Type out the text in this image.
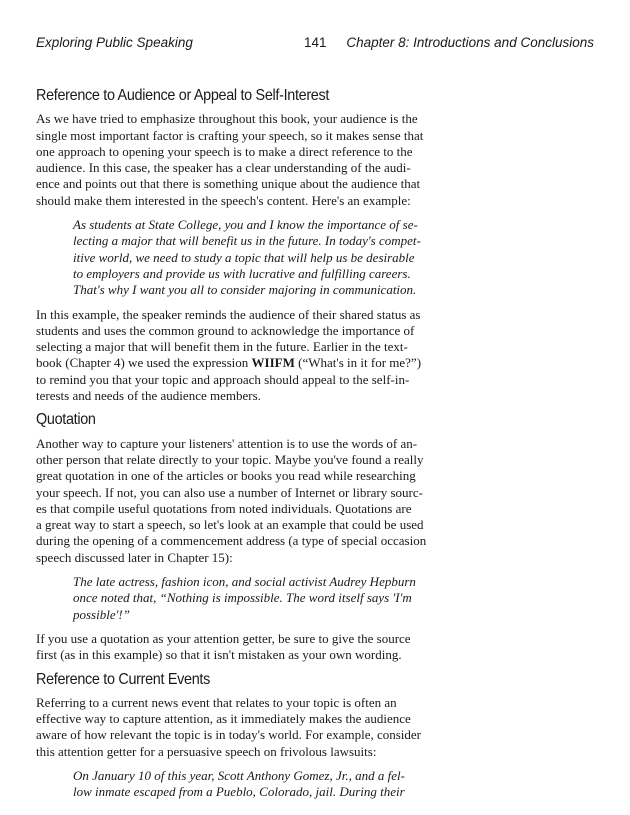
Exploring Public Speaking	141 Chapter 8: Introductions and Conclusions
Reference to Audience or Appeal to Self-Interest
As we have tried to emphasize throughout this book, your audience is the
single most important factor is crafting your speech, so it makes sense that
one approach to opening your speech is to make a direct reference to the
audience. In this case, the speaker has a clear understanding of the audi-
ence and points out that there is something unique about the audience that
should make them interested in the speech's content. Here's an example:
As students at State College, you and I know the importance of se-
lecting a major that will benefit us in the future. In today's compet-
itive world, we need to study a topic that will help us be desirable
to employers and provide us with lucrative and fulfilling careers.
That's why I want you all to consider majoring in communication.
In this example, the speaker reminds the audience of their shared status as
students and uses the common ground to acknowledge the importance of
selecting a major that will benefit them in the future. Earlier in the text-
book (Chapter 4) we used the expression WIIFM (“What's in it for me?”)
to remind you that your topic and approach should appeal to the self-in-
terests and needs of the audience members.
Quotation
Another way to capture your listeners' attention is to use the words of an-
other person that relate directly to your topic. Maybe you've found a really
great quotation in one of the articles or books you read while researching
your speech. If not, you can also use a number of Internet or library sourc-
es that compile useful quotations from noted individuals. Quotations are
a great way to start a speech, so let's look at an example that could be used
during the opening of a commencement address (a type of special occasion
speech discussed later in Chapter 15):
The late actress, fashion icon, and social activist Audrey Hepburn
once noted that, “Nothing is impossible. The word itself says 'I'm
possible'!”
If you use a quotation as your attention getter, be sure to give the source
first (as in this example) so that it isn't mistaken as your own wording.
Reference to Current Events
Referring to a current news event that relates to your topic is often an
effective way to capture attention, as it immediately makes the audience
aware of how relevant the topic is in today's world. For example, consider
this attention getter for a persuasive speech on frivolous lawsuits:
On January 10 of this year, Scott Anthony Gomez, Jr., and a fel-
low inmate escaped from a Pueblo, Colorado, jail. During their
